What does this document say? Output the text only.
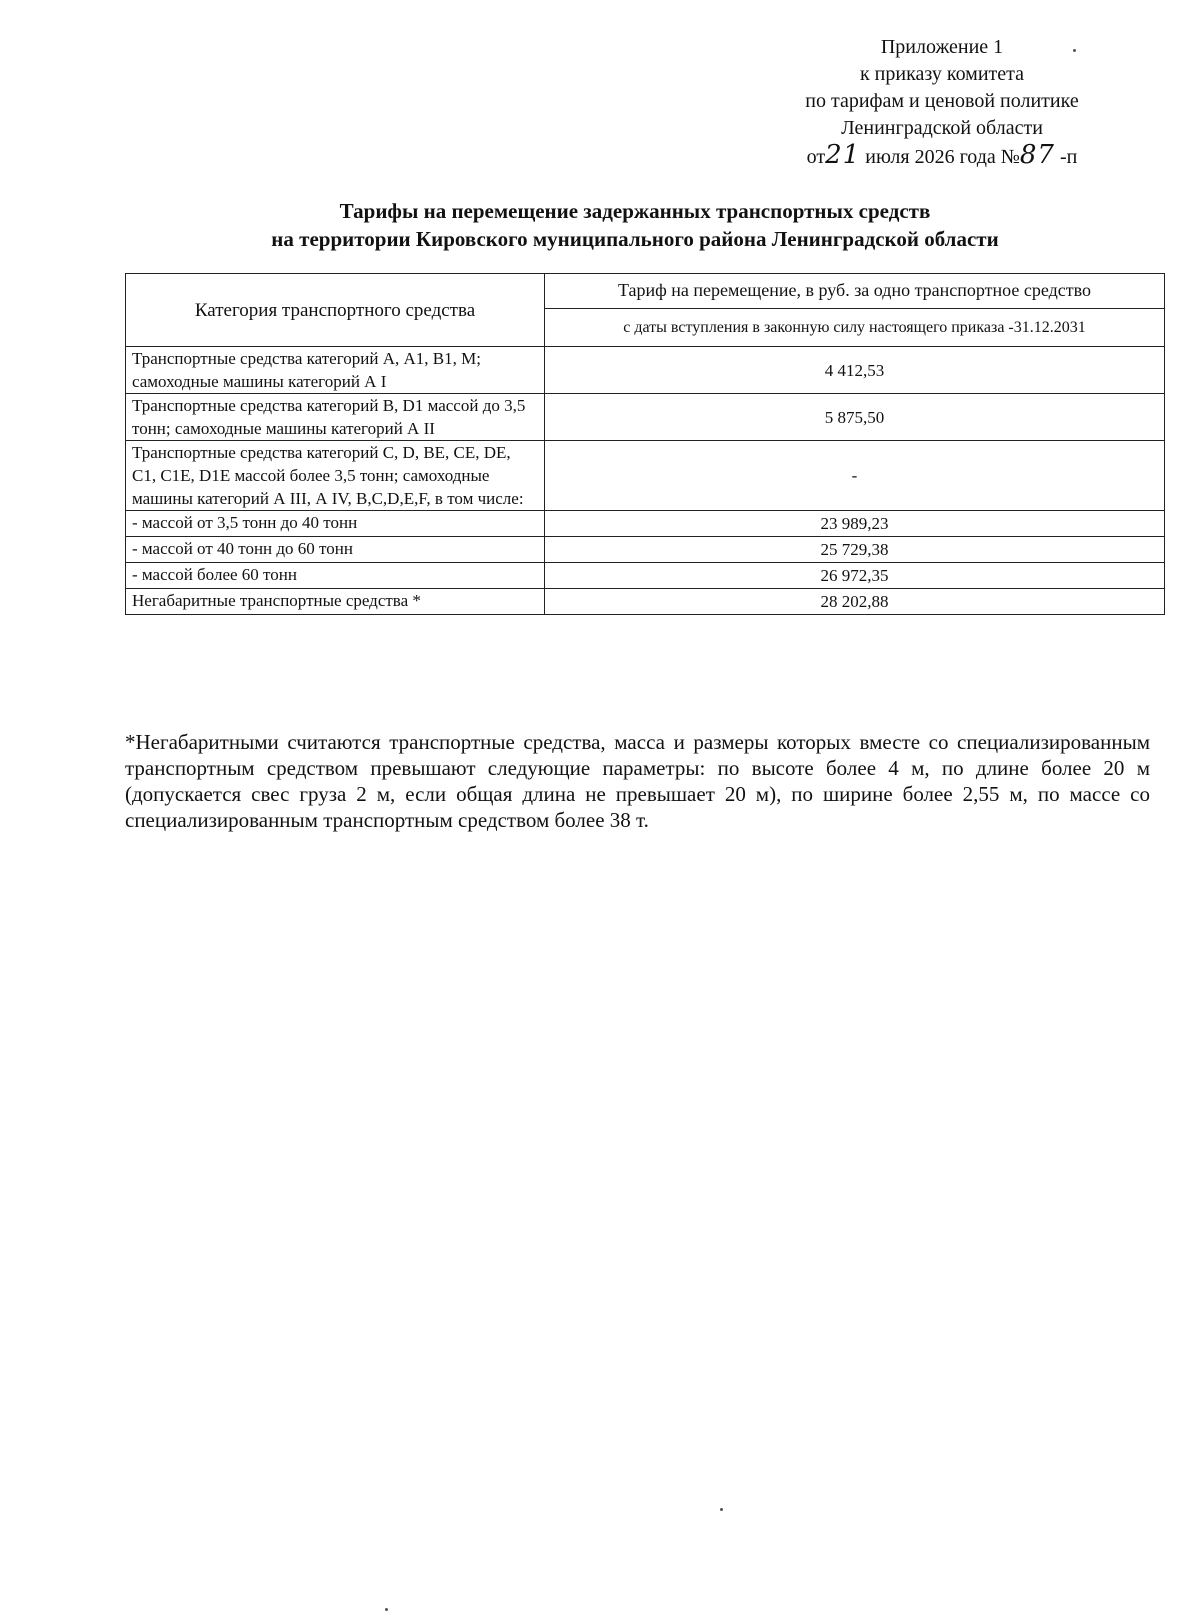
Приложение 1
к приказу комитета
по тарифам и ценовой политике
Ленинградской области
от21 июля 2026 года №87 -п
Тарифы на перемещение задержанных транспортных средств
на территории Кировского муниципального района Ленинградской области
Категория транспортного средства	Тариф на перемещение, в руб. за одно транспортное средство
	с даты вступления в законную силу настоящего приказа -31.12.2031
Транспортные средства категорий А, А1, В1, М; самоходные машины категорий А I	4 412,53
Транспортные средства категорий В, D1 массой до 3,5 тонн; самоходные машины категорий А II	5 875,50
Транспортные средства категорий С, D, ВЕ, СЕ, DE, С1, С1Е, D1E массой более 3,5 тонн; самоходные машины категорий А III, А IV, В,С,D,Е,F, в том числе:	-
- массой от 3,5 тонн до 40 тонн	23 989,23
- массой от 40 тонн до 60 тонн	25 729,38
- массой более 60 тонн	26 972,35
Негабаритные транспортные средства *	28 202,88

*Негабаритными считаются транспортные средства, масса и размеры которых вместе со специализированным транспортным средством превышают следующие параметры: по высоте более 4 м, по длине более 20 м (допускается свес груза 2 м, если общая длина не превышает 20 м), по ширине более 2,55 м, по массе со специализированным транспортным средством более 38 т.
